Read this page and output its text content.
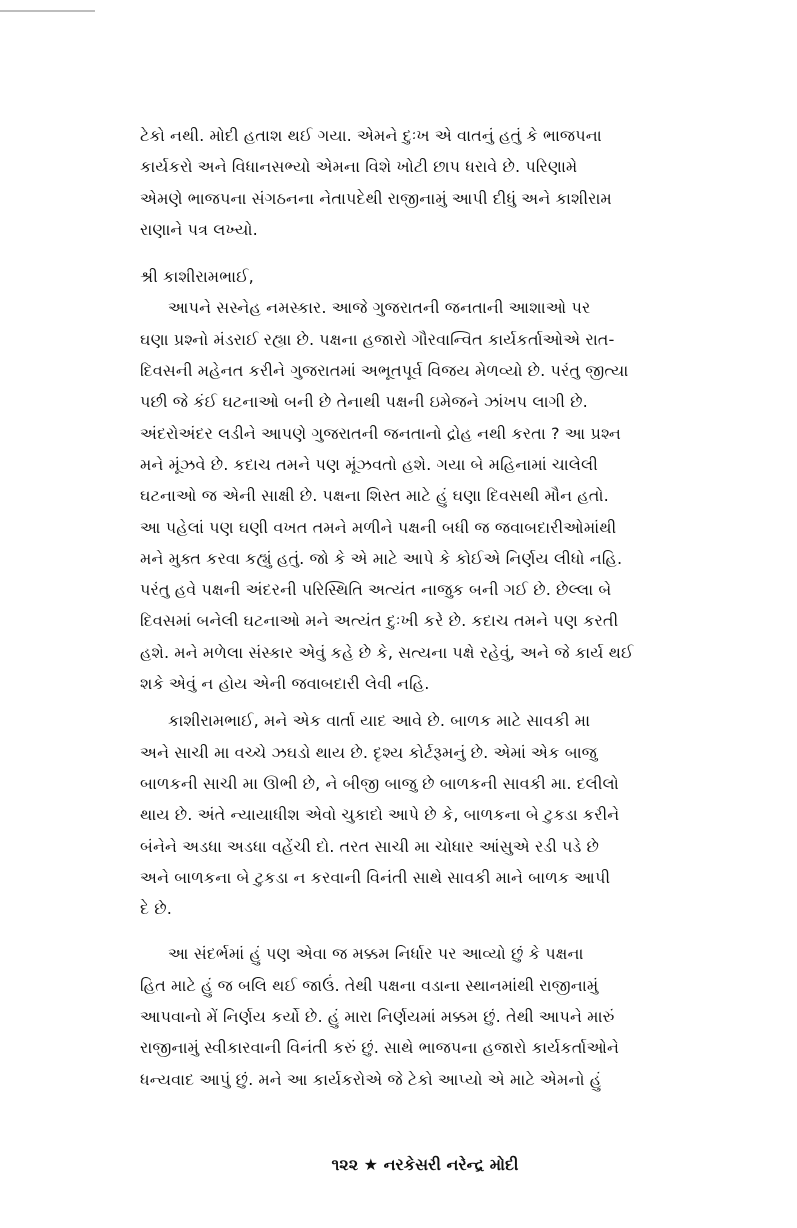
ટેકો નથી. મોદી હતાશ થઈ ગયા. એમને દુઃખ એ વાતનું હતું કે ભાજપના
કાર્યકરો અને વિધાનસભ્યો એમના વિશે ખોટી છાપ ધરાવે છે. પરિણામે
એમણે ભાજપના સંગઠનના નેતાપદેથી રાજીનામું આપી દીધું અને કાશીરામ
રાણાને પત્ર લખ્યો.
શ્રી કાશીરામભાઈ,
આપને સસ્નેહ નમસ્કાર. આજે ગુજરાતની જનતાની આશાઓ પર
ઘણા પ્રશ્નો મંડરાઈ રહ્યા છે. પક્ષના હજારો ગૌરવાન્વિત કાર્યકર્તાઓએ રાત-
દિવસની મહેનત કરીને ગુજરાતમાં અભૂતપૂર્વ વિજય મેળવ્યો છે. પરંતુ જીત્યા
પછી જે કંઈ ઘટનાઓ બની છે તેનાથી પક્ષની ઇમેજને ઝાંખપ લાગી છે.
અંદરોઅંદર લડીને આપણે ગુજરાતની જનતાનો દ્રોહ નથી કરતા ? આ પ્રશ્ન
મને મૂંઝવે છે. કદાચ તમને પણ મૂંઝવતો હશે. ગયા બે મહિનામાં ચાલેલી
ઘટનાઓ જ એની સાક્ષી છે. પક્ષના શિસ્ત માટે હું ઘણા દિવસથી મૌન હતો.
આ પહેલાં પણ ઘણી વખત તમને મળીને પક્ષની બધી જ જવાબદારીઓમાંથી
મને મુક્ત કરવા કહ્યું હતું. જો કે એ માટે આપે કે કોઈએ નિર્ણય લીધો નહિ.
પરંતુ હવે પક્ષની અંદરની પરિસ્થિતિ અત્યંત નાજુક બની ગઈ છે. છેલ્લા બે
દિવસમાં બનેલી ઘટનાઓ મને અત્યંત દુઃખી કરે છે. કદાચ તમને પણ કરતી
હશે. મને મળેલા સંસ્કાર એવું કહે છે કે, સત્યના પક્ષે રહેવું, અને જે કાર્ય થઈ
શકે એવું ન હોય એની જવાબદારી લેવી નહિ.
કાશીરામભાઈ, મને એક વાર્તા યાદ આવે છે. બાળક માટે સાવકી મા
અને સાચી મા વચ્ચે ઝઘડો થાય છે. દૃશ્ય કોર્ટરૂમનું છે. એમાં એક બાજુ
બાળકની સાચી મા ઊભી છે, ને બીજી બાજુ છે બાળકની સાવકી મા. દલીલો
થાય છે. અંતે ન્યાયાધીશ એવો ચુકાદો આપે છે કે, બાળકના બે ટુકડા કરીને
બંનેને અડધા અડધા વહેંચી દો. તરત સાચી મા ચોધાર આંસુએ રડી પડે છે
અને બાળકના બે ટુકડા ન કરવાની વિનંતી સાથે સાવકી માને બાળક આપી
દે છે.
આ સંદર્ભમાં હું પણ એવા જ મક્કમ નિર્ધાર પર આવ્યો છું કે પક્ષના
હિત માટે હું જ બલિ થઈ જાઉં. તેથી પક્ષના વડાના સ્થાનમાંથી રાજીનામું
આપવાનો મેં નિર્ણય કર્યો છે. હું મારા નિર્ણયમાં મક્કમ છું. તેથી આપને મારું
રાજીનામું સ્વીકારવાની વિનંતી કરું છું. સાથે ભાજપના હજારો કાર્યકર્તાઓને
ધન્યવાદ આપું છું. મને આ કાર્યકરોએ જે ટેકો આપ્યો એ માટે એમનો હું
૧૨૨ ★ નરકેસરી નરેન્દ્ર મોદી
